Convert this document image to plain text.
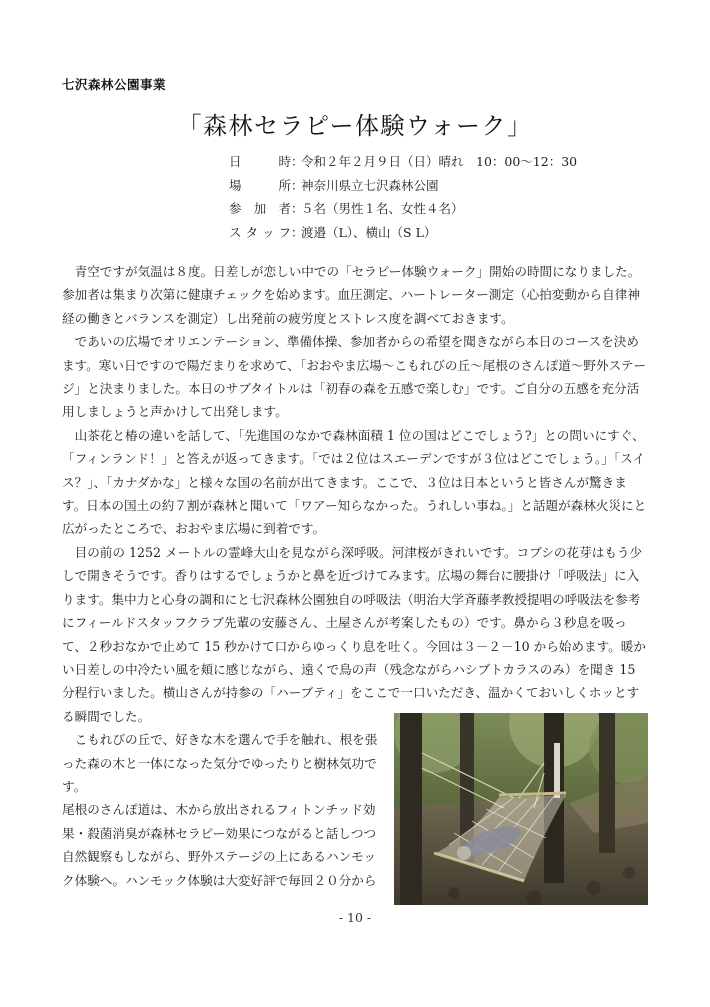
七沢森林公園事業
「森林セラピー体験ウォーク」
日　　時 ：
令和２年２月９日（日）晴れ　10：00～12：30
場　　所 ：
神奈川県立七沢森林公園
参 加 者 ：
５名（男性１名、女性４名）
スタッフ ：
渡邉（L）、横山（S L）

青空ですが気温は８度。日差しが恋しい中での「セラピー体験ウォーク」開始の時間になりました。参加者は集まり次第に健康チェックを始めます。血圧測定、ハートレーター測定（心拍変動から自律神経の働きとバランスを測定）し出発前の疲労度とストレス度を調べておきます。

であいの広場でオリエンテーション、準備体操、参加者からの希望を聞きながら本日のコースを決めます。寒い日ですので陽だまりを求めて、「おおやま広場～こもれびの丘～尾根のさんぽ道～野外ステージ」と決まりました。本日のサブタイトルは「初春の森を五感で楽しむ」です。ご自分の五感を充分活用しましょうと声かけして出発します。

山茶花と椿の違いを話して、「先進国のなかで森林面積 1 位の国はどこでしょう?」との問いにすぐ、「フィンランド！」と答えが返ってきます。「では２位はスエーデンですが３位はどこでしょう。」「スイス？」、「カナダかな」と様々な国の名前が出てきます。ここで、３位は日本というと皆さんが驚きます。日本の国土の約７割が森林と聞いて「ワアー知らなかった。うれしい事ね。」と話題が森林火災にと広がったところで、おおやま広場に到着です。

目の前の 1252 メートルの霊峰大山を見ながら深呼吸。河津桜がきれいです。コブシの花芽はもう少しで開きそうです。香りはするでしょうかと鼻を近づけてみます。広場の舞台に腰掛け「呼吸法」に入ります。集中力と心身の調和にと七沢森林公園独自の呼吸法（明治大学斉藤孝教授提唱の呼吸法を参考にフィールドスタッフクラブ先輩の安藤さん、土屋さんが考案したもの）です。鼻から３秒息を吸って、２秒おなかで止めて 15 秒かけて口からゆっくり息を吐く。今回は３－２－10 から始めます。暖かい日差しの中冷たい風を頬に感じながら、遠くで鳥の声（残念ながらハシブトカラスのみ）を聞き 15 分程行いました。横山さんが持参の「ハーブティ」をここで一口いただき、温かくておいしくホッとする瞬間でした。

こもれびの丘で、好きな木を選んで手を触れ、根を張った森の木と一体になった気分でゆったりと樹林気功です。

尾根のさんぽ道は、木から放出されるフィトンチッド効果・殺菌消臭が森林セラピー効果につながると話しつつ自然観察もしながら、野外ステージの上にあるハンモック体験へ。ハンモック体験は大変好評で毎回２０分から

- 10 -
